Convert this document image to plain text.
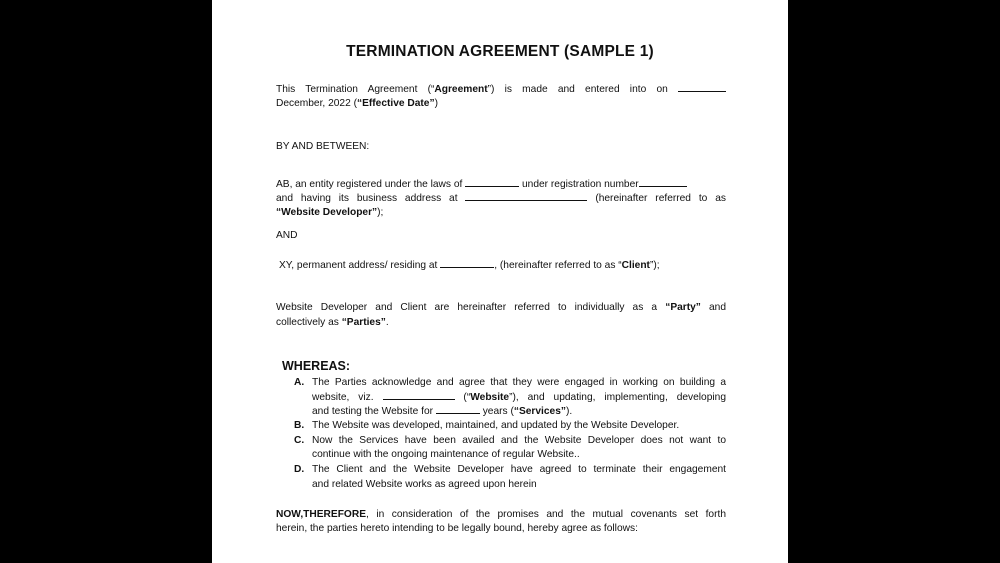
TERMINATION AGREEMENT (SAMPLE 1)
This Termination Agreement (“Agreement”) is made and entered into on
December, 2022 (“Effective Date”)
BY AND BETWEEN:
AB, an entity registered under the laws of	under registration number
and having its business address at	(hereinafter referred to as
“Website Developer”);
AND
XY, permanent address/ residing at	, (hereinafter referred to as “Client”);
Website Developer and Client are hereinafter referred to individually as a “Party” and
collectively as “Parties”.
WHEREAS:
A. The Parties acknowledge and agree that they were engaged in working on building a
website, viz.	(“Website”), and updating, implementing, developing
and testing the Website for	years (“Services”).
B. The Website was developed, maintained, and updated by the Website Developer.
C. Now the Services have been availed and the Website Developer does not want to
continue with the ongoing maintenance of regular Website..
D. The Client and the Website Developer have agreed to terminate their engagement
and related Website works as agreed upon herein
NOW,THEREFORE, in consideration of the promises and the mutual covenants set forth
herein, the parties hereto intending to be legally bound, hereby agree as follows:
